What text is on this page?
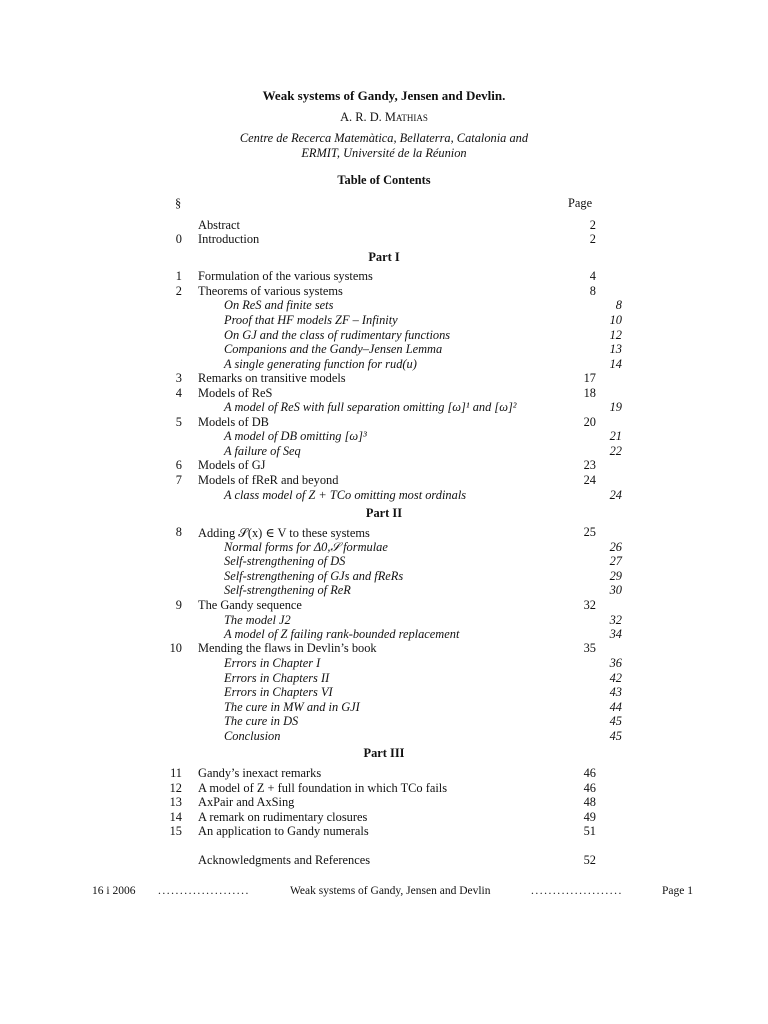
Weak systems of Gandy, Jensen and Devlin.
A. R. D. Mathias
Centre de Recerca Matemàtica, Bellaterra, Catalonia and
ERMIT, Université de la Réunion
Table of Contents
§	Page
Abstract	2
0 Introduction	2
Part I
1 Formulation of the various systems	4
2 Theorems of various systems	8
On ReS and finite sets	8
Proof that HF models ZF – Infinity	10
On GJ and the class of rudimentary functions	12
Companions and the Gandy–Jensen Lemma	13
A single generating function for rud(u)	14
3 Remarks on transitive models	17
4 Models of ReS	18
A model of ReS with full separation omitting [ω]¹ and [ω]²	19
5 Models of DB	20
A model of DB omitting [ω]³	21
A failure of Seq	22
6 Models of GJ	23
7 Models of fReR and beyond	24
A class model of Z + TCo omitting most ordinals	24
Part II
8 Adding 𝒮(x) ∈ V to these systems	25
Normal forms for Δ0,𝒮 formulae	26
Self-strengthening of DS	27
Self-strengthening of GJs and fReRs	29
Self-strengthening of ReR	30
9 The Gandy sequence	32
The model J2	32
A model of Z failing rank-bounded replacement	34
10 Mending the flaws in Devlin’s book	35
Errors in Chapter I	36
Errors in Chapters II	42
Errors in Chapters VI	43
The cure in MW and in GJI	44
The cure in DS	45
Conclusion	45
Part III
11 Gandy’s inexact remarks	46
12 A model of Z + full foundation in which TCo fails	46
13 AxPair and AxSing	48
14 A remark on rudimentary closures	49
15 An application to Gandy numerals	51
Acknowledgments and References	52
16 i 2006 .....................	Weak systems of Gandy, Jensen and Devlin	.....................	Page 1
